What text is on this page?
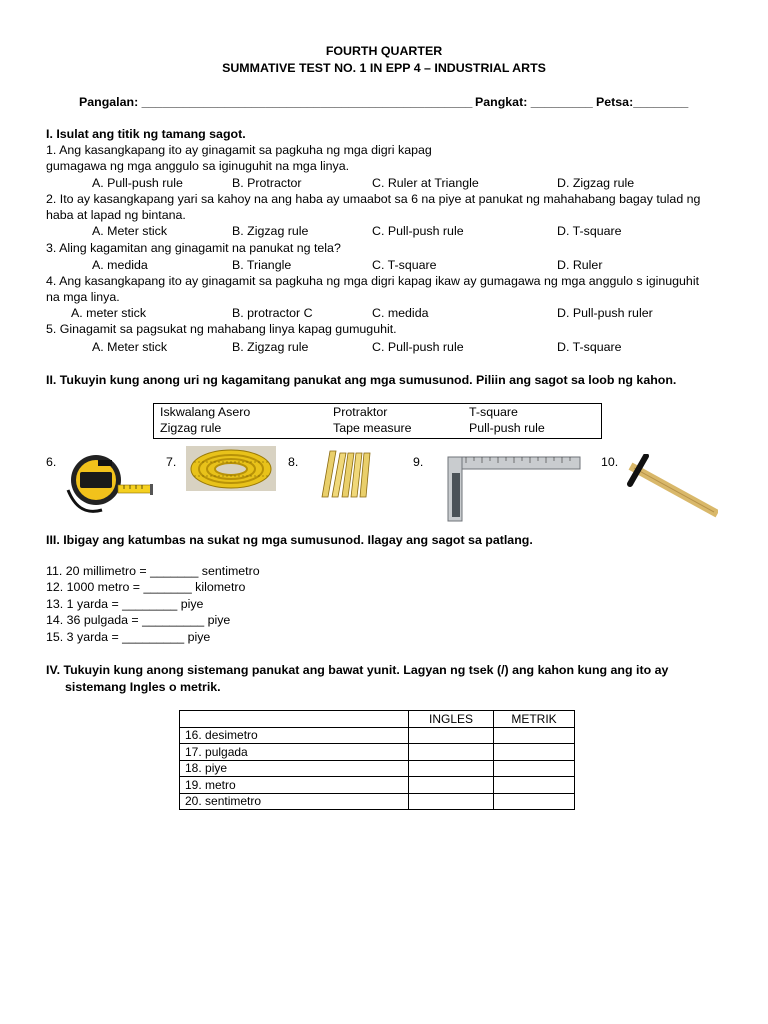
FOURTH QUARTER
SUMMATIVE TEST NO. 1 IN EPP 4 – INDUSTRIAL ARTS
Pangalan: ________________________________________________ Pangkat: _________ Petsa:________
I. Isulat ang titik ng tamang sagot.
1. Ang kasangkapang ito ay ginagamit sa pagkuha ng mga digri kapag
gumagawa ng mga anggulo sa iginuguhit na mga linya.
A. Pull-push rule	B. Protractor	C. Ruler at Triangle	D. Zigzag rule
2. Ito ay kasangkapang yari sa kahoy na ang haba ay umaabot sa 6 na piye at panukat ng mahahabang bagay tulad ng
haba at lapad ng bintana.
A. Meter stick	B. Zigzag rule	C. Pull-push rule	D. T-square
3. Aling kagamitan ang ginagamit na panukat ng tela?
A. medida	B. Triangle	C. T-square	D. Ruler
4. Ang kasangkapang ito ay ginagamit sa pagkuha ng mga digri kapag ikaw ay gumagawa ng mga anggulo s iginuguhit
na mga linya.
A. meter stick	B. protractor C	C. medida	D. Pull-push ruler
5. Ginagamit sa pagsukat ng mahabang linya kapag gumuguhit.
A. Meter stick	B. Zigzag rule	C. Pull-push rule	D. T-square
II. Tukuyin kung anong uri ng kagamitang panukat ang mga sumusunod. Piliin ang sagot sa loob ng kahon.
Iskwalang Asero	Protraktor	T-square
Zigzag rule	Tape measure	Pull-push rule
6.	7.	8.	9.	10.
III. Ibigay ang katumbas na sukat ng mga sumusunod. Ilagay ang sagot sa patlang.
11. 20 millimetro = _______ sentimetro
12. 1000 metro = _______ kilometro
13. 1 yarda = ________ piye
14. 36 pulgada = _________ piye
15. 3 yarda = _________ piye
IV. Tukuyin kung anong sistemang panukat ang bawat yunit. Lagyan ng tsek (/) ang kahon kung ang ito ay
sistemang Ingles o metrik.
	INGLES	METRIK
16. desimetro		
17. pulgada		
18. piye		
19. metro		
20. sentimetro		
